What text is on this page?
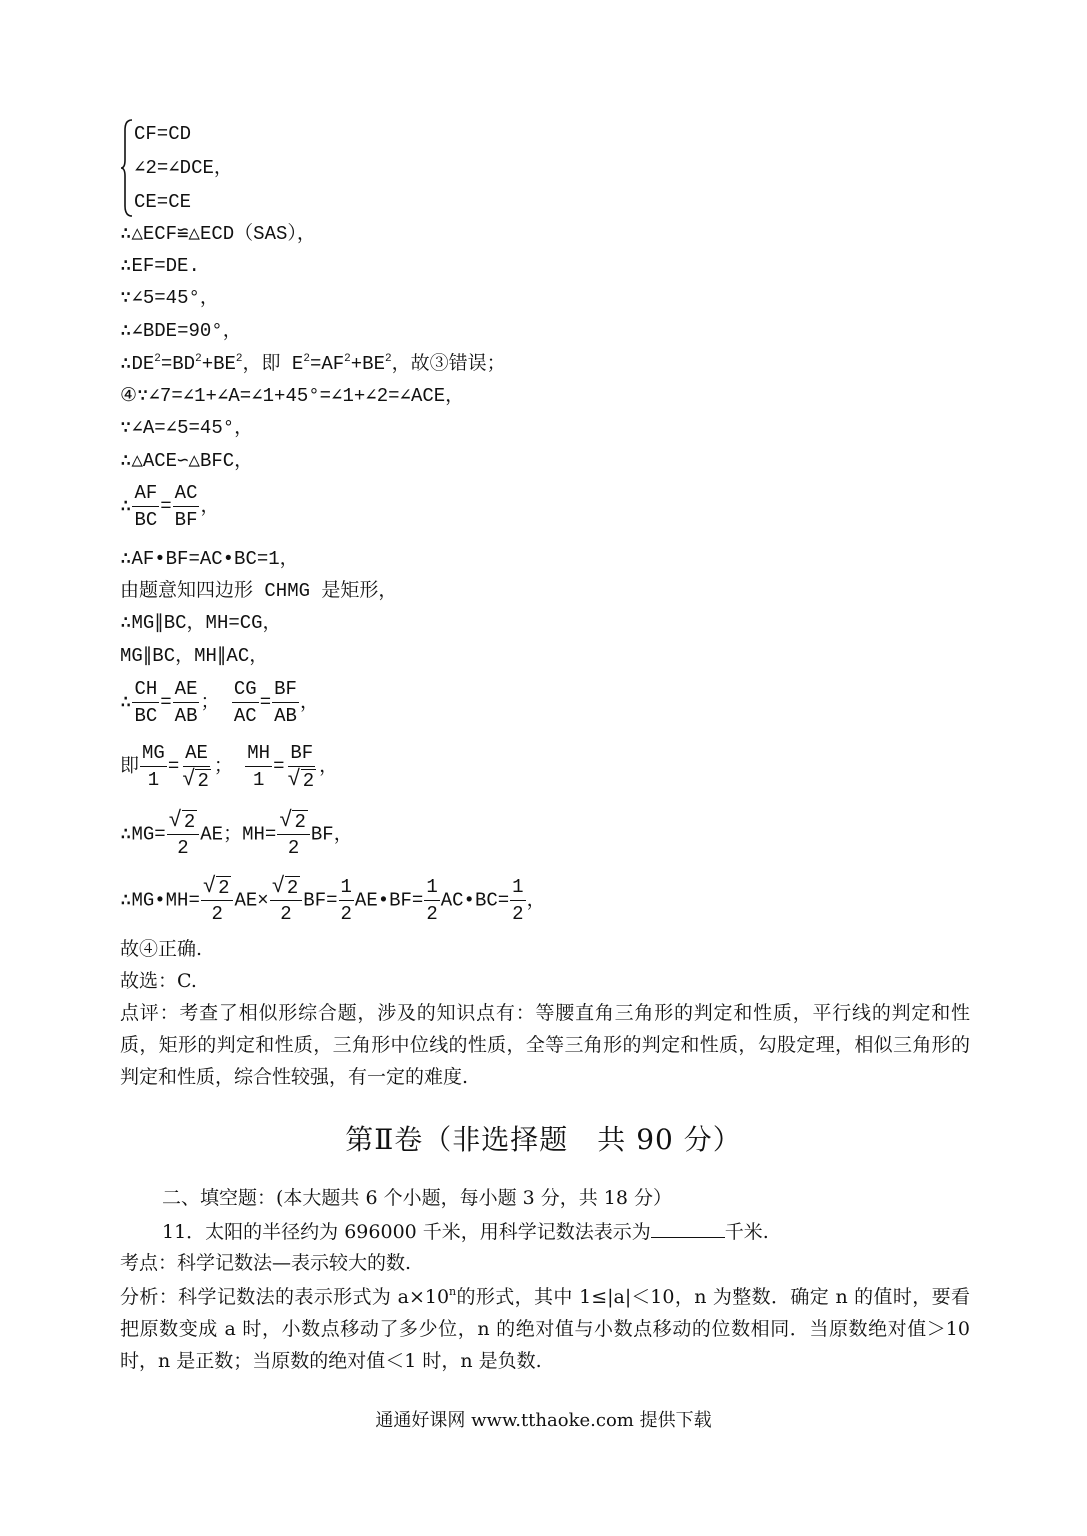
CF=CD
∠2=∠DCE，
CE=CE
∴△ECF≌△ECD（SAS），
∴EF=DE.
∵∠5=45°，
∴∠BDE=90°，
$\therefore DE^2=BD^2+BE^2$，即 $E^2=AF^2+BE^2$，故③错误；
④∵∠7=∠1+∠A=∠1+45°=∠1+∠2=∠ACE，
∵∠A=∠5=45°，
∴△ACE∽△BFC，
∴ $\frac{AF}{BC} = \frac{AC}{BF}$ ，
∴AF•BF=AC•BC=1，
由题意知四边形 CHMG 是矩形，
∴MG∥BC，MH=CG，
MG∥BC，MH∥AC，
∴ $\frac{CH}{BC} = \frac{AE}{AB}$ ； $\frac{CG}{AC} = \frac{BF}{AB}$ ，
即 $\frac{MG}{1} = \frac{AE}{√ 2}$ ； $\frac{MH}{1} = \frac{BF}{√ 2}$ ，
∴MG= $\frac{√ 2}{2}$ AE；$MH= \frac{√ 2}{2}$ BF，
∴MG•MH= $\frac{√ 2}{2} AE\times \frac{√ 2}{2} BF= \frac{1}{2}$ AE•BF= $\frac{1}{2}$ AC•BC= $\frac{1}{2}$ ，
故④正确.
故选：C.
点评：考查了相似形综合题，涉及的知识点有：等腰直角三角形的判定和性质，平行线的判定和性质，矩形的判定和性质，三角形中位线的性质，全等三角形的判定和性质，勾股定理，相似三角形的判定和性质，综合性较强，有一定的难度.
第Ⅱ卷（非选择题　共 90 分）
二、填空题：(本大题共 6 个小题，每小题 3 分，共 18 分）
11．太阳的半径约为 696000 千米，用科学记数法表示为	千米.
考点：科学记数法—表示较大的数.
分析：科学记数法的表示形式为 $a\times 10^n$的形式，其中 1≤|a|＜10，n 为整数．确定 n 的值时，要看把原数变成 a 时，小数点移动了多少位，n 的绝对值与小数点移动的位数相同．当原数绝对值＞10 时，n 是正数；当原数的绝对值＜1 时，n 是负数.
通通好课网 www.tthaoke.com 提供下载
